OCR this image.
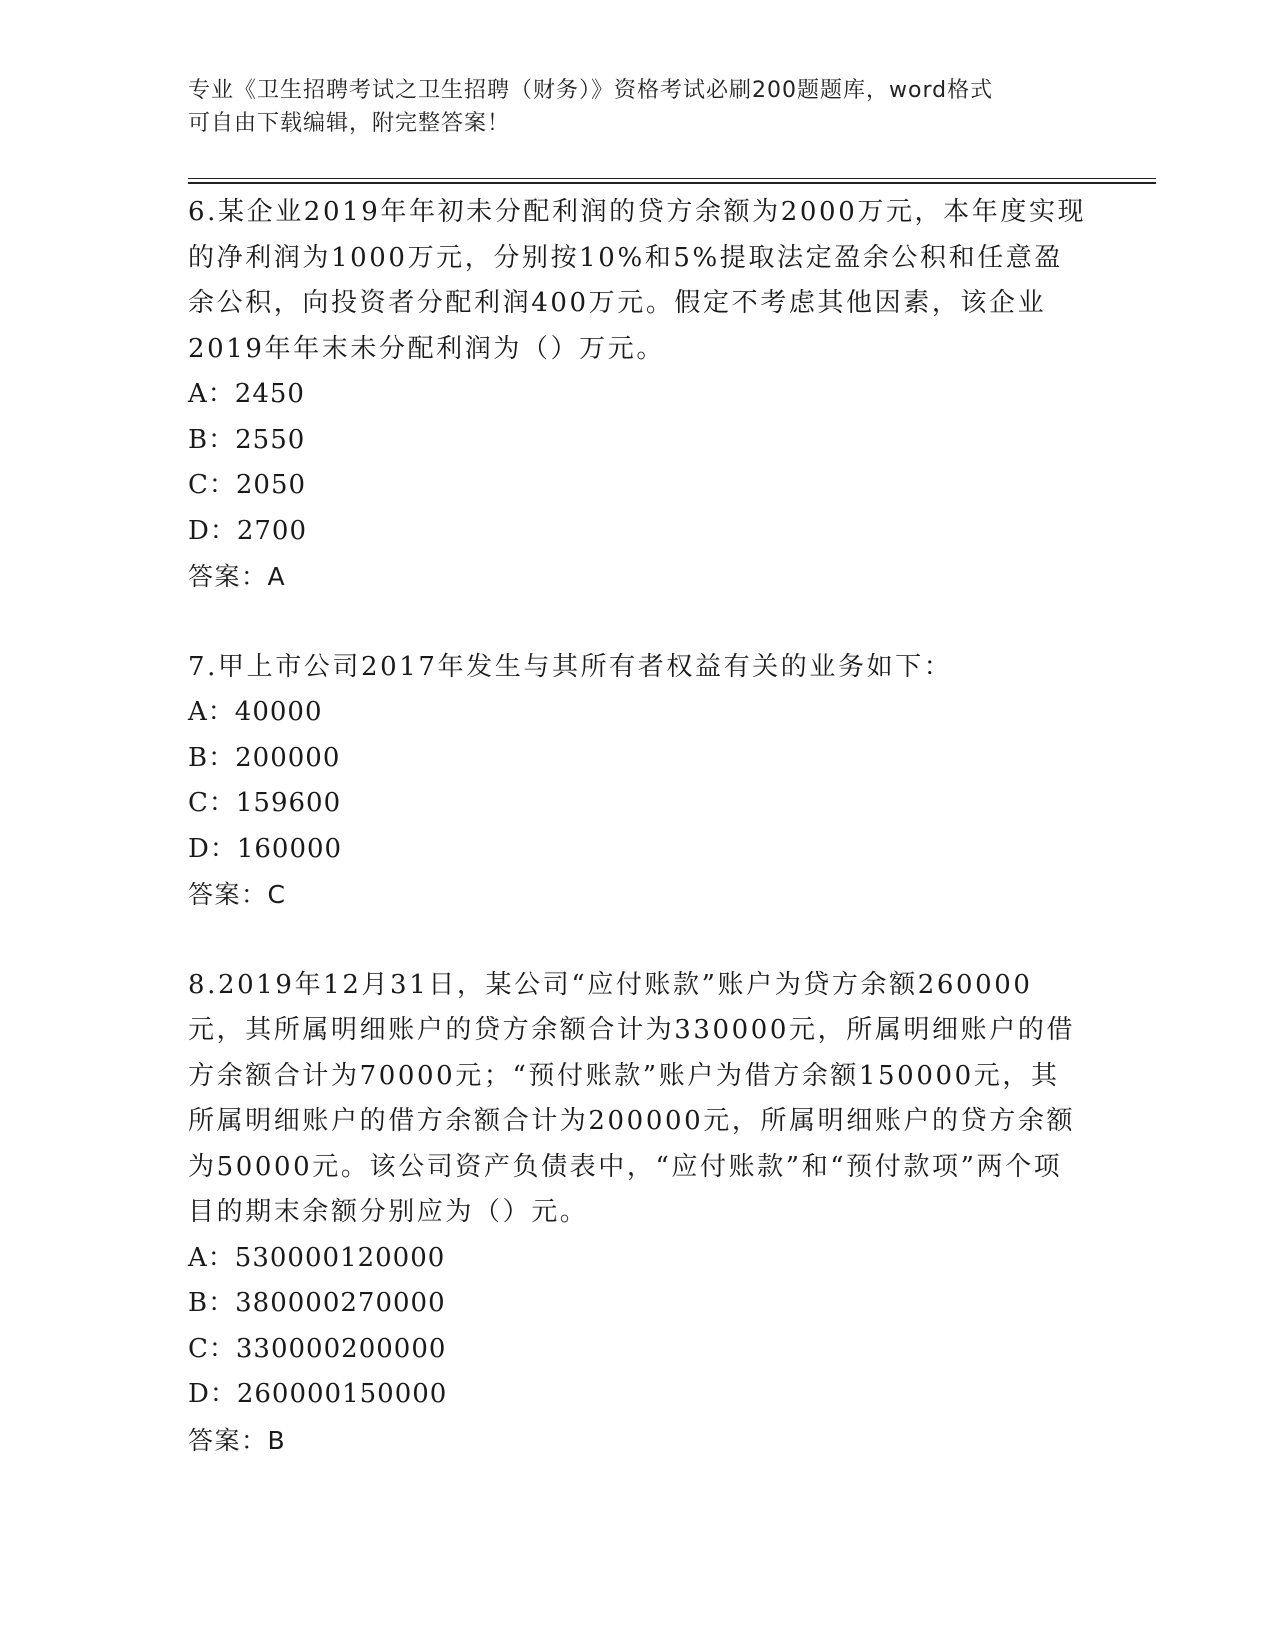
专业《卫生招聘考试之卫生招聘（财务）》资格考试必刷200题题库，word格式
可自由下载编辑，附完整答案！

6.某企业2019年年初未分配利润的贷方余额为2000万元，本年度实现的净利润为1000万元，分别按10%和5%提取法定盈余公积和任意盈余公积，向投资者分配利润400万元。假定不考虑其他因素，该企业2019年年末未分配利润为（）万元。

A：2450

B：2550

C：2050

D：2700

答案：A

7.甲上市公司2017年发生与其所有者权益有关的业务如下：

A：40000

B：200000

C：159600

D：160000

答案：C

8.2019年12月31日，某公司“应付账款”账户为贷方余额260000元，其所属明细账户的贷方余额合计为330000元，所属明细账户的借方余额合计为70000元；“预付账款”账户为借方余额150000元，其所属明细账户的借方余额合计为200000元，所属明细账户的贷方余额为50000元。该公司资产负债表中，“应付账款”和“预付款项”两个项目的期末余额分别应为（）元。

A：530000120000

B：380000270000

C：330000200000

D：260000150000

答案：B
